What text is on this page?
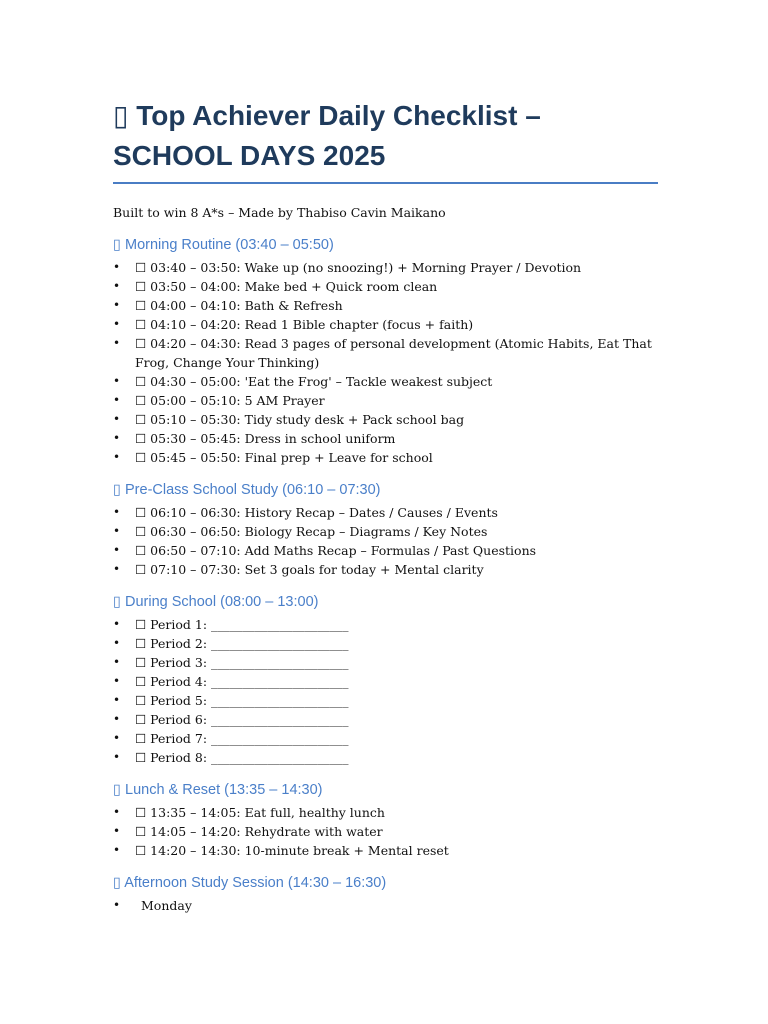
▯ Top Achiever Daily Checklist –
SCHOOL DAYS 2025

Built to win 8 A*s – Made by Thabiso Cavin Maikano

▯ Morning Routine (03:40 – 05:50)
•	☐ 03:40 – 03:50: Wake up (no snoozing!) + Morning Prayer / Devotion
•	☐ 03:50 – 04:00: Make bed + Quick room clean
•	☐ 04:00 – 04:10: Bath & Refresh
•	☐ 04:10 – 04:20: Read 1 Bible chapter (focus + faith)
•	☐ 04:20 – 04:30: Read 3 pages of personal development (Atomic Habits, Eat That Frog, Change Your Thinking)
•	☐ 04:30 – 05:00: 'Eat the Frog' – Tackle weakest subject
•	☐ 05:00 – 05:10: 5 AM Prayer
•	☐ 05:10 – 05:30: Tidy study desk + Pack school bag
•	☐ 05:30 – 05:45: Dress in school uniform
•	☐ 05:45 – 05:50: Final prep + Leave for school
▯ Pre-Class School Study (06:10 – 07:30)
•	☐ 06:10 – 06:30: History Recap – Dates / Causes / Events
•	☐ 06:30 – 06:50: Biology Recap – Diagrams / Key Notes
•	☐ 06:50 – 07:10: Add Maths Recap – Formulas / Past Questions
•	☐ 07:10 – 07:30: Set 3 goals for today + Mental clarity
▯ During School (08:00 – 13:00)
•	☐ Period 1: ______________________
•	☐ Period 2: ______________________
•	☐ Period 3: ______________________
•	☐ Period 4: ______________________
•	☐ Period 5: ______________________
•	☐ Period 6: ______________________
•	☐ Period 7: ______________________
•	☐ Period 8: ______________________
▯ Lunch & Reset (13:35 – 14:30)
•	☐ 13:35 – 14:05: Eat full, healthy lunch
•	☐ 14:05 – 14:20: Rehydrate with water
•	☐ 14:20 – 14:30: 10-minute break + Mental reset
▯ Afternoon Study Session (14:30 – 16:30)
•	Monday
